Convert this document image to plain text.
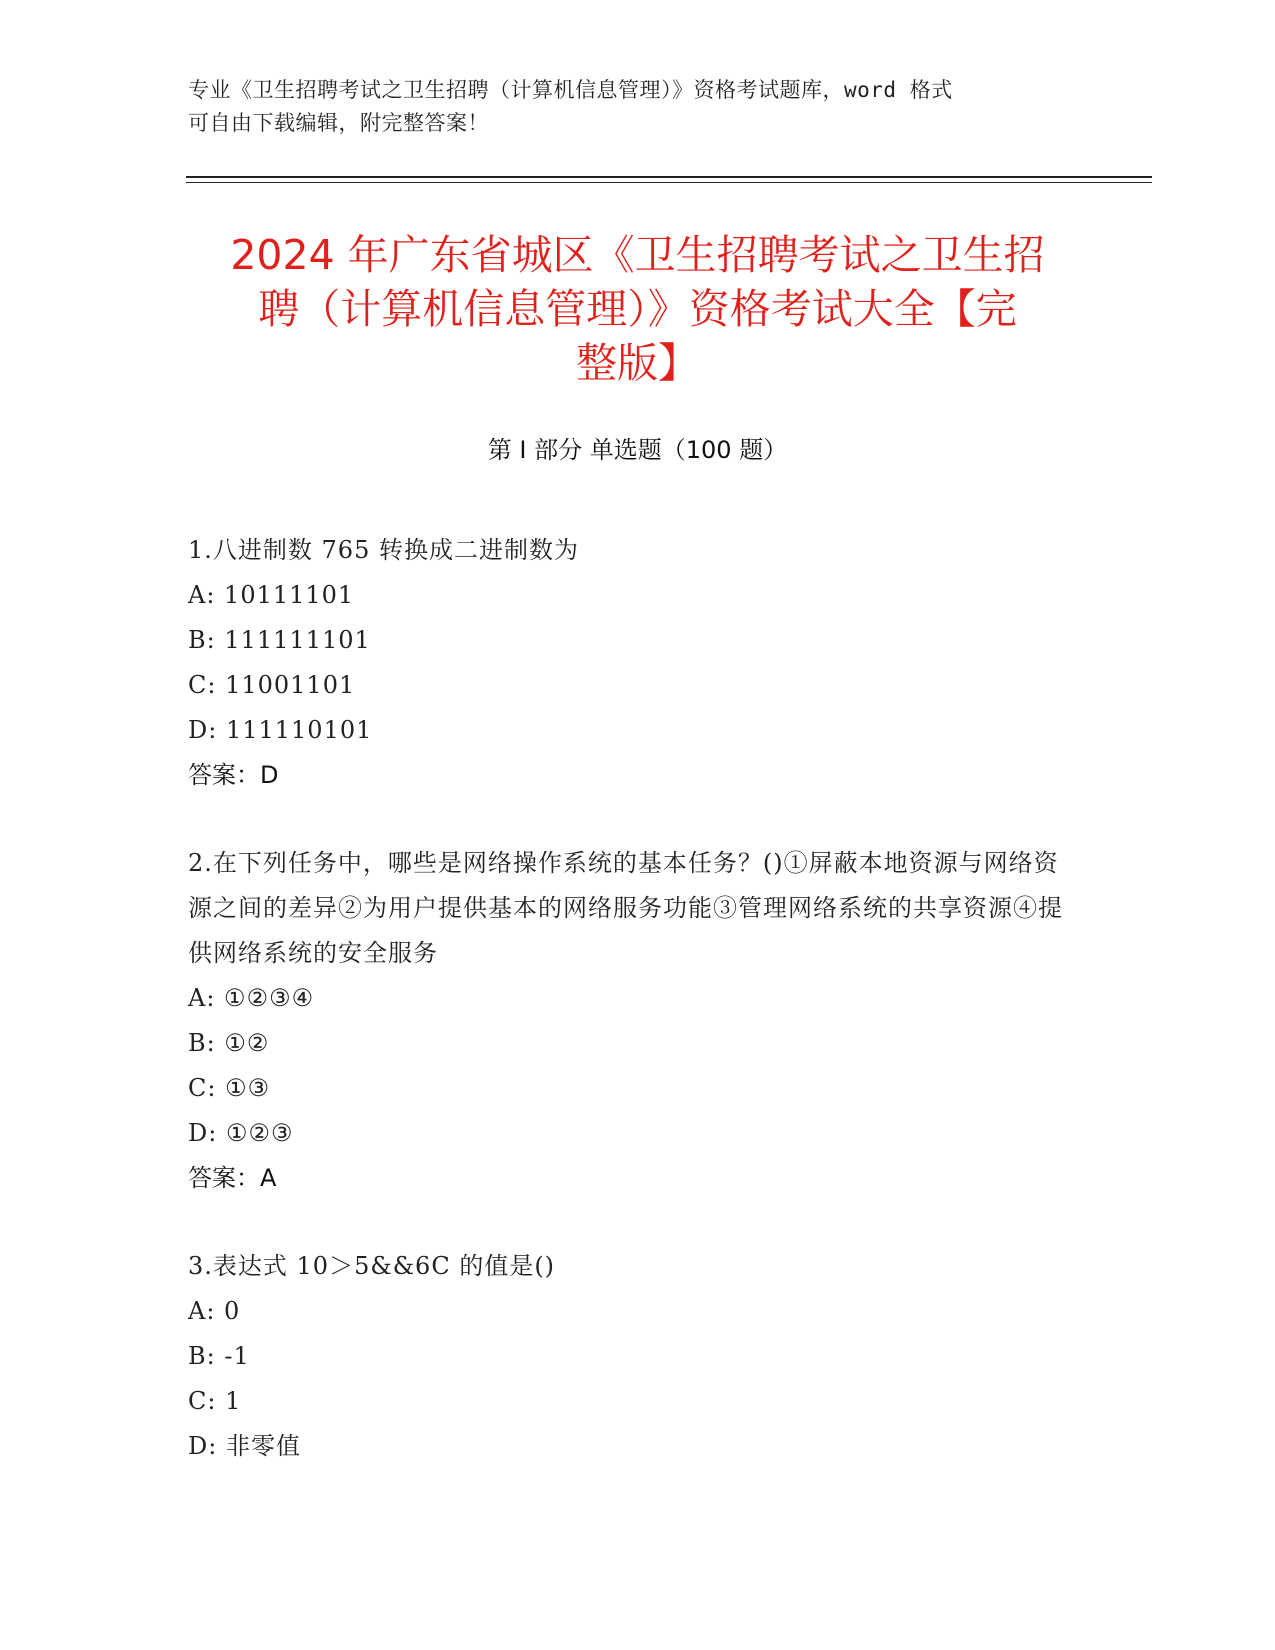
专业《卫生招聘考试之卫生招聘（计算机信息管理）》资格考试题库，word 格式
可自由下载编辑，附完整答案！
2024 年广东省城区《卫生招聘考试之卫生招
聘（计算机信息管理）》资格考试大全【完
整版】
第 I 部分 单选题（100 题）
1.八进制数 765 转换成二进制数为
A: 10111101
B: 111111101
C: 11001101
D: 111110101
答案：D
2.在下列任务中，哪些是网络操作系统的基本任务？()①屏蔽本地资源与网络资源之间的差异②为用户提供基本的网络服务功能③管理网络系统的共享资源④提供网络系统的安全服务
A: ①②③④
B: ①②
C: ①③
D: ①②③
答案：A
3.表达式 10＞5&&6C 的值是()
A: 0
B: -1
C: 1
D: 非零值
